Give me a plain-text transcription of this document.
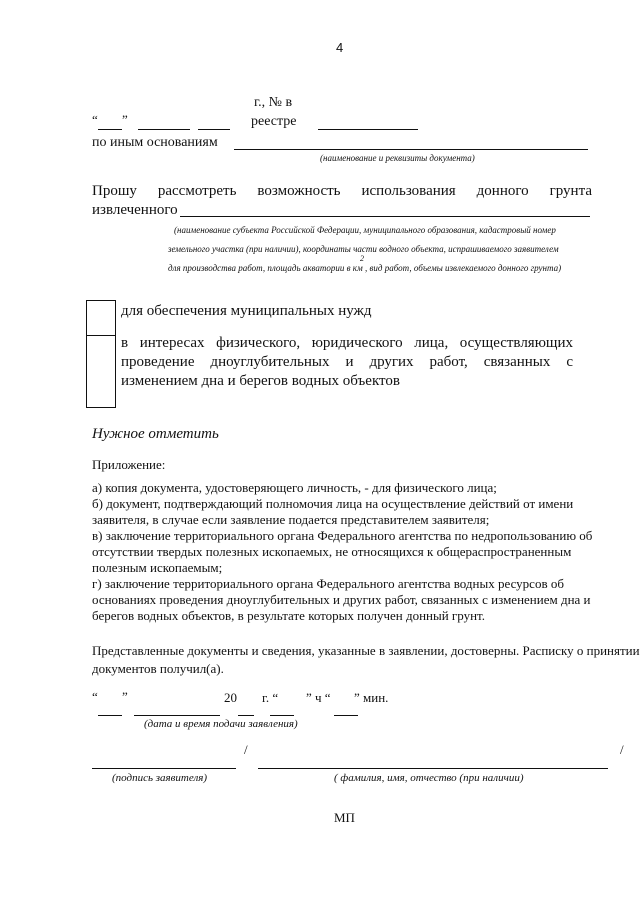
4
г., № в
“ ”	реестре
по иным основаниям
(наименование и реквизиты документа)
Прошу рассмотреть возможность использования донного грунта
извлеченного
(наименование субъекта Российской Федерации, муниципального образования, кадастровый номер
земельного участка (при наличии), координаты части водного объекта, испрашиваемого заявителем
2
для производства работ, площадь акватории в км , вид работ, объемы извлекаемого донного грунта)
для обеспечения муниципальных нужд
в интересах физического, юридического лица, осуществляющих
проведение дноуглубительных и других работ, связанных с
изменением дна и берегов водных объектов
Нужное отметить
Приложение:
а) копия документа, удостоверяющего личность, - для физического лица;
б) документ, подтверждающий полномочия лица на осуществление действий от имени
заявителя, в случае если заявление подается представителем заявителя;
в) заключение территориального органа Федерального агентства по недропользованию об
отсутствии твердых полезных ископаемых, не относящихся к общераспространенным
полезным ископаемым;
г) заключение территориального органа Федерального агентства водных ресурсов об
основаниях проведения дноуглубительных и других работ, связанных с изменением дна и
берегов водных объектов, в результате которых получен донный грунт.
Представленные документы и сведения, указанные в заявлении, достоверны. Расписку о принятии
документов получил(а).
“ ”	20 г. “ ” ч “ ” мин.
(дата и время подачи заявления)
/	/
(подпись заявителя)	( фамилия, имя, отчество (при наличии)
МП
